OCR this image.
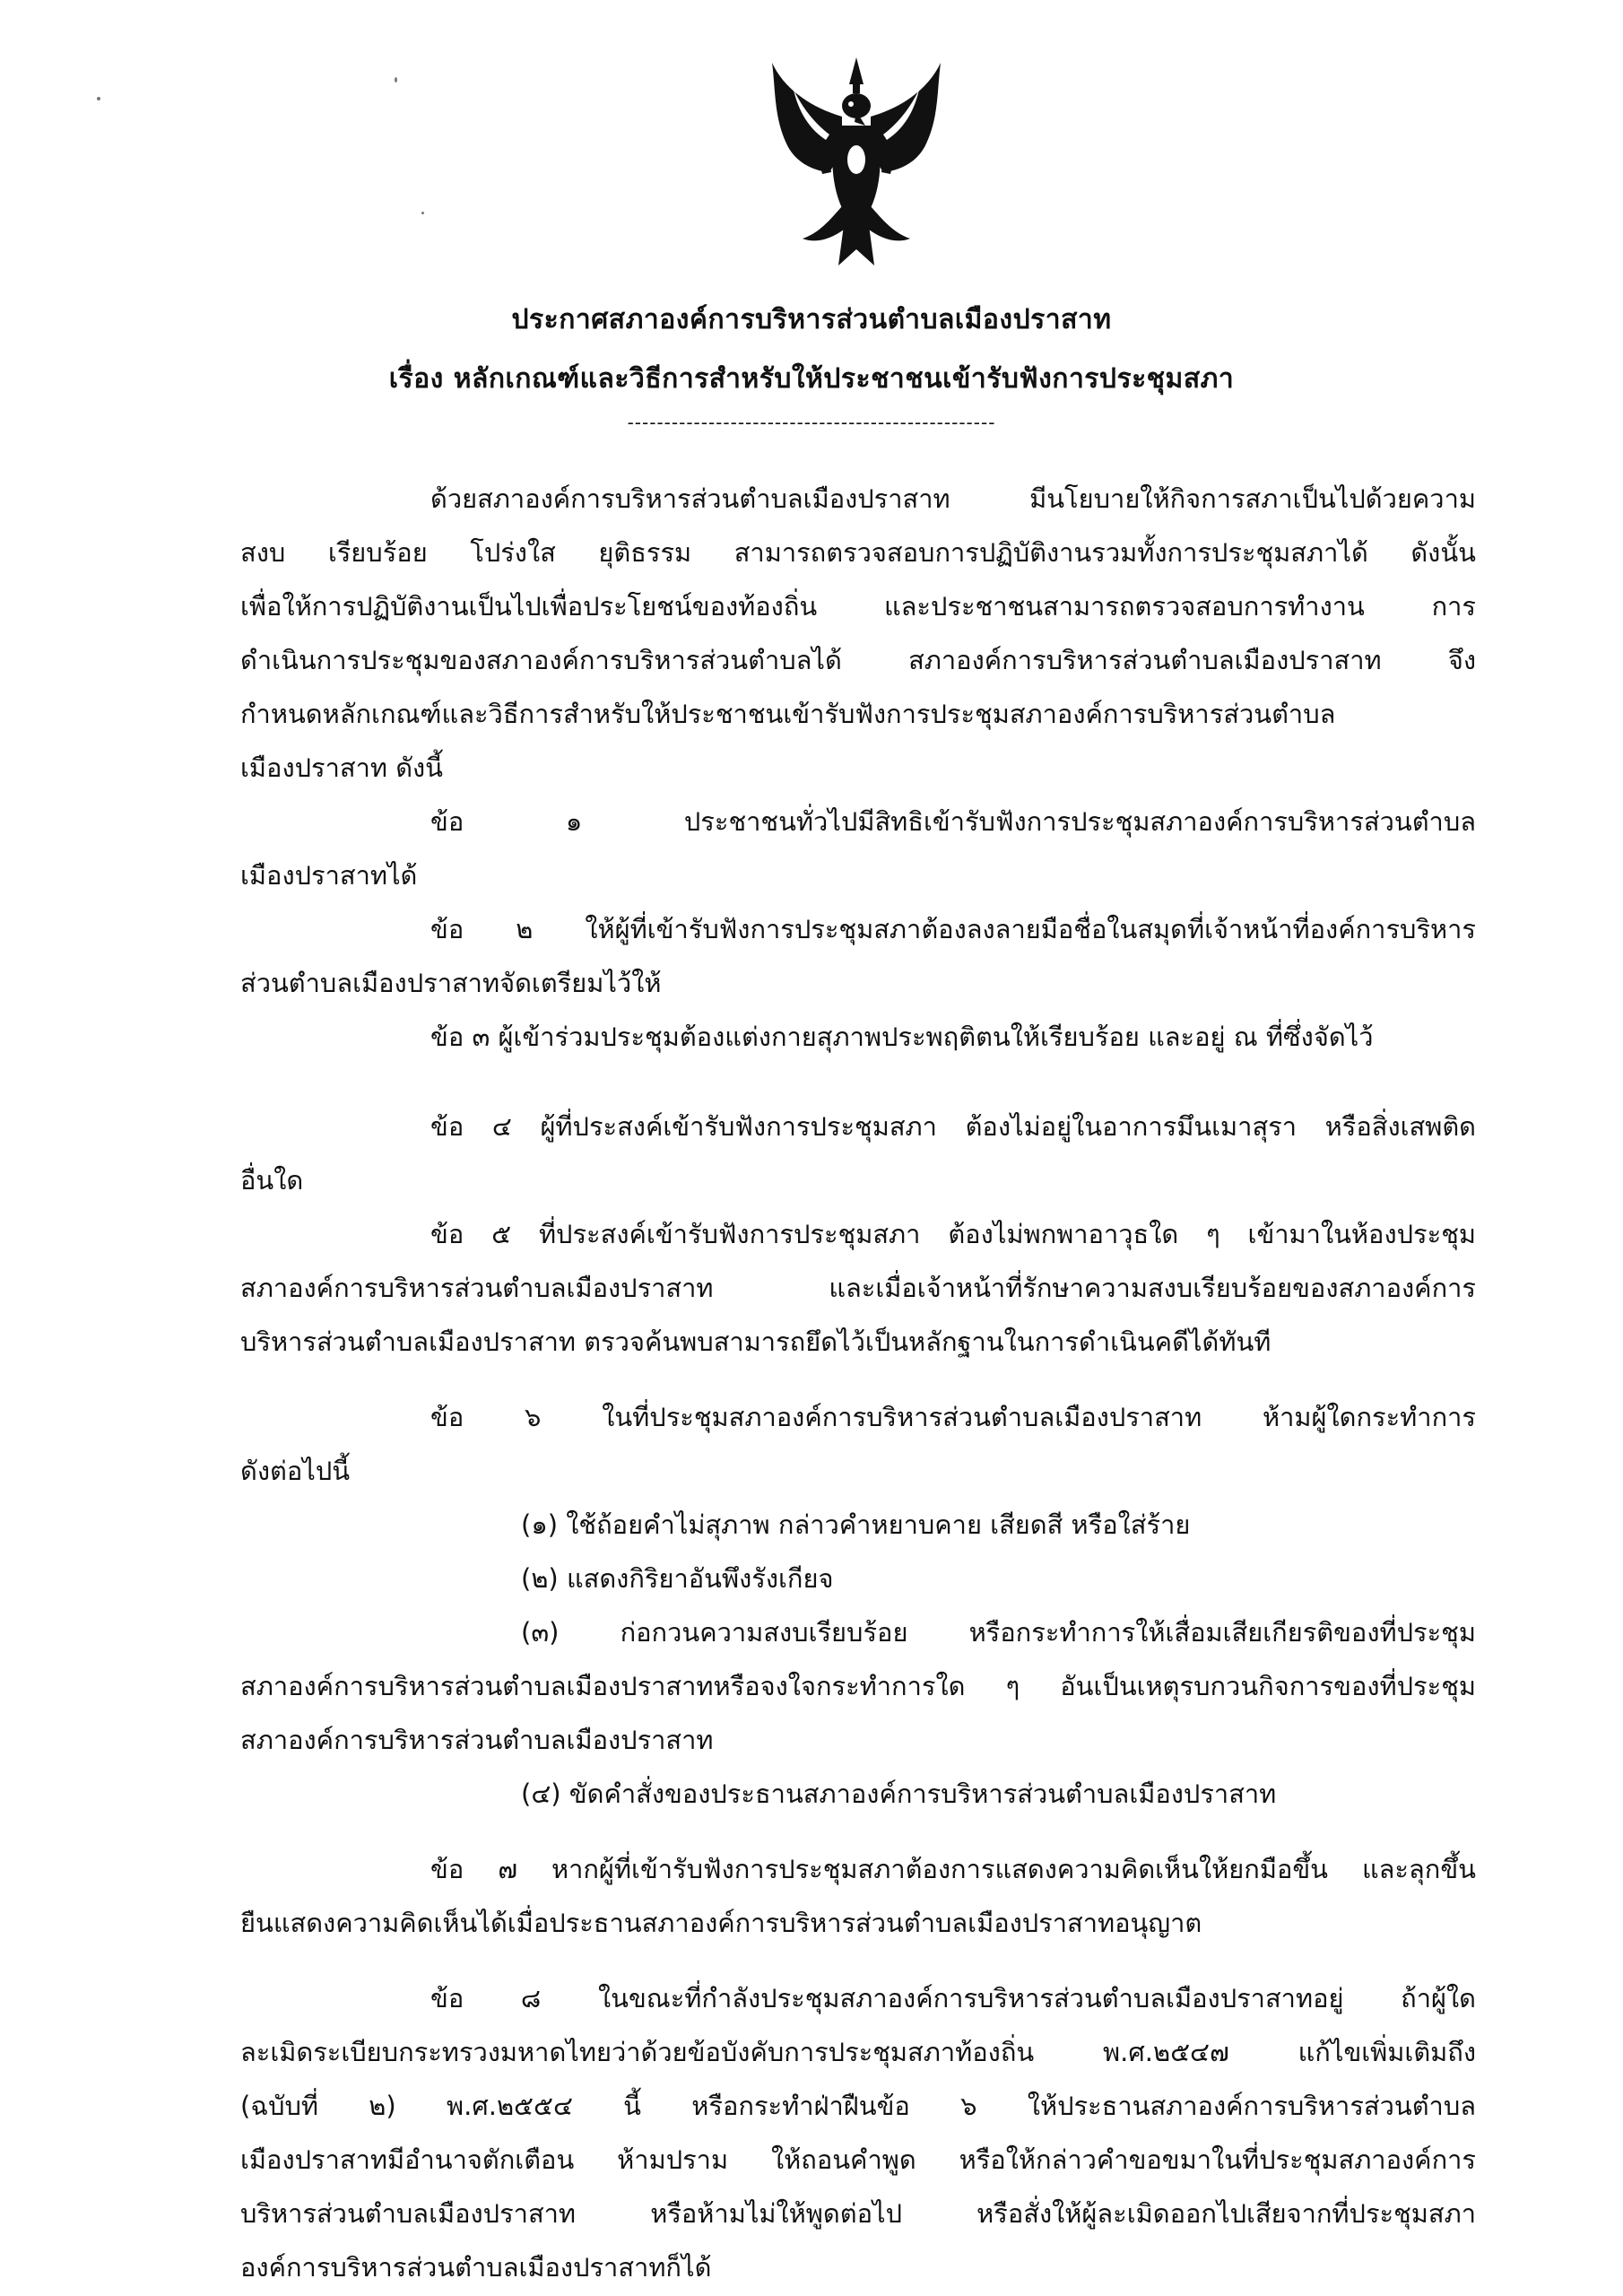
ประกาศสภาองค์การบริหารส่วนตำบลเมืองปราสาท
เรื่อง หลักเกณฑ์และวิธีการสำหรับให้ประชาชนเข้ารับฟังการประชุมสภา
--------------------------------------------------
ด้วยสภาองค์การบริหารส่วนตำบลเมืองปราสาท มีนโยบายให้กิจการสภาเป็นไปด้วยความ
สงบ เรียบร้อย โปร่งใส ยุติธรรม สามารถตรวจสอบการปฏิบัติงานรวมทั้งการประชุมสภาได้ ดังนั้น
เพื่อให้การปฏิบัติงานเป็นไปเพื่อประโยชน์ของท้องถิ่น และประชาชนสามารถตรวจสอบการทำงาน การ
ดำเนินการประชุมของสภาองค์การบริหารส่วนตำบลได้ สภาองค์การบริหารส่วนตำบลเมืองปราสาท จึง
กำหนดหลักเกณฑ์และวิธีการสำหรับให้ประชาชนเข้ารับฟังการประชุมสภาองค์การบริหารส่วนตำบล
เมืองปราสาท ดังนี้
ข้อ ๑ ประชาชนทั่วไปมีสิทธิเข้ารับฟังการประชุมสภาองค์การบริหารส่วนตำบล
เมืองปราสาทได้
ข้อ ๒ ให้ผู้ที่เข้ารับฟังการประชุมสภาต้องลงลายมือชื่อในสมุดที่เจ้าหน้าที่องค์การบริหาร
ส่วนตำบลเมืองปราสาทจัดเตรียมไว้ให้
ข้อ ๓ ผู้เข้าร่วมประชุมต้องแต่งกายสุภาพประพฤติตนให้เรียบร้อย และอยู่ ณ ที่ซึ่งจัดไว้
ข้อ ๔ ผู้ที่ประสงค์เข้ารับฟังการประชุมสภา ต้องไม่อยู่ในอาการมึนเมาสุรา หรือสิ่งเสพติด
อื่นใด
ข้อ ๕ ที่ประสงค์เข้ารับฟังการประชุมสภา ต้องไม่พกพาอาวุธใด ๆ เข้ามาในห้องประชุม
สภาองค์การบริหารส่วนตำบลเมืองปราสาท และเมื่อเจ้าหน้าที่รักษาความสงบเรียบร้อยของสภาองค์การ
บริหารส่วนตำบลเมืองปราสาท ตรวจค้นพบสามารถยึดไว้เป็นหลักฐานในการดำเนินคดีได้ทันที
ข้อ ๖ ในที่ประชุมสภาองค์การบริหารส่วนตำบลเมืองปราสาท ห้ามผู้ใดกระทำการ
ดังต่อไปนี้
(๑) ใช้ถ้อยคำไม่สุภาพ กล่าวคำหยาบคาย เสียดสี หรือใส่ร้าย
(๒) แสดงกิริยาอันพึงรังเกียจ
(๓) ก่อกวนความสงบเรียบร้อย หรือกระทำการให้เสื่อมเสียเกียรติของที่ประชุม
สภาองค์การบริหารส่วนตำบลเมืองปราสาทหรือจงใจกระทำการใด ๆ อันเป็นเหตุรบกวนกิจการของที่ประชุม
สภาองค์การบริหารส่วนตำบลเมืองปราสาท
(๔) ขัดคำสั่งของประธานสภาองค์การบริหารส่วนตำบลเมืองปราสาท
ข้อ ๗ หากผู้ที่เข้ารับฟังการประชุมสภาต้องการแสดงความคิดเห็นให้ยกมือขึ้น และลุกขึ้น
ยืนแสดงความคิดเห็นได้เมื่อประธานสภาองค์การบริหารส่วนตำบลเมืองปราสาทอนุญาต
ข้อ ๘ ในขณะที่กำลังประชุมสภาองค์การบริหารส่วนตำบลเมืองปราสาทอยู่ ถ้าผู้ใด
ละเมิดระเบียบกระทรวงมหาดไทยว่าด้วยข้อบังคับการประชุมสภาท้องถิ่น พ.ศ.๒๕๔๗ แก้ไขเพิ่มเติมถึง
(ฉบับที่ ๒) พ.ศ.๒๕๕๔ นี้ หรือกระทำฝ่าฝืนข้อ ๖ ให้ประธานสภาองค์การบริหารส่วนตำบล
เมืองปราสาทมีอำนาจตักเตือน ห้ามปราม ให้ถอนคำพูด หรือให้กล่าวคำขอขมาในที่ประชุมสภาองค์การ
บริหารส่วนตำบลเมืองปราสาท หรือห้ามไม่ให้พูดต่อไป หรือสั่งให้ผู้ละเมิดออกไปเสียจากที่ประชุมสภา
องค์การบริหารส่วนตำบลเมืองปราสาทก็ได้
